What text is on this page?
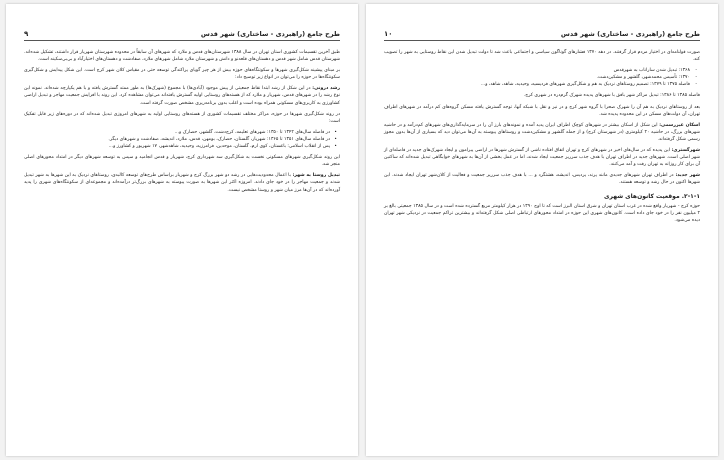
طرح جامع (راهبردی - ساختاری) شهر قدس
۱۰

صورت قولنامه‌ای در اختیار مردم قرار گرفتند. در دهه ۱۳۷۰ فشارهای گوناگون سیاسی و اجتماعی باعث شد تا دولت تبدیل شدن این نقاط روستایی به شهر را تصویب کند.

- ۱۳۶۸: تبدیل شدن ساراناب به شهرقدس
- ۱۳۷۰: تأسیس محمدشهر، گلشهر و مشکین‌دشت.
- فاصله ۱۳۷۵ تا ۱۳۷۹: تصمیم روستاهای نزدیک به هم و شکل‌گیری شهرهای فردیسیه، وحیدیه، شاهد، شاهد، و...

فاصله ۱۳۸۵ تا ۱۳۸۶: تبدیل مراکز شهر بافق با شهرهای پدیده شهرک گرم‌دره در شهری کرج.

بعد از روستاهای نزدیک به هم آن را شهرک صحرا با گروه شهر کرج و در نیز و نقل با شبکه آنها، توجه گسترش یافته مسکن گروه‌های کم درآمد در شهرهای اطراف تهران، آن دولت‌های مسکن در این محدوده پدیده شد.

اسکان غیررسمی: این شکل از اسکان بیشتر در شهرهای کوچک اطراف ایران پدید آمده و نمونه‌های بارز آن را در سرمایه‌گذاری‌های شهرهای کم‌درآمد و در حاشیه شهرهای بزرگ، در حاشیه ۲۰ کیلومتری (در شهرستان کرج) و از جمله گلشهر و مشکین‌دشت و روستاهای پیوسته به آن‌ها می‌توان دید که بسیاری از آن‌ها بدون مجوز رسمی شکل گرفته‌اند.

شهرگستری: این پدیده که در سال‌های اخیر در شهرهای کرج و تهران اتفاق افتاده ناشی از گسترش شهرها در اراضی پیرامون و ایجاد شهرک‌های جدید در فاصله‌ای از شهر اصلی است. شهرهای جدید در اطراف تهران با هدف جذب سرریز جمعیت ایجاد شدند، اما در عمل بخشی از آن‌ها به شهرهای خوابگاهی تبدیل شده‌اند که ساکنین آن برای کار روزانه به تهران رفت و آمد می‌کنند.

شهر جدید: در اطراف تهران شهرهای جدیدی مانند پرند، پردیس، اندیشه، هشتگرد و ... با هدف جذب سرریز جمعیت و فعالیت از کلان‌شهر تهران ایجاد شدند. این شهرها اکنون در حال رشد و توسعه هستند.

۲-۱-۱. موقعیت کانون‌های شهری

حوزه کرج - شهریار واقع شده در غرب استان تهران و شرق استان البرز است که تا اوج ۱۳۹۰ در هزار کیلومتر مربع گسترده شده است و در سال ۱۳۸۵ جمعیتی بالغ بر ۲ میلیون نفر را در خود جای داده است. کانون‌های شهری این حوزه در امتداد محورهای ارتباطی اصلی شکل گرفته‌اند و بیشترین تراکم جمعیت در نزدیکی شهر تهران دیده می‌شود.

طرح جامع (راهبردی - ساختاری) شهر قدس
۹

طبق آخرین تقسیمات کشوری استان تهران در سال ۱۳۸۸ شهرستان‌های قدس و ملارد که شهرهای آن سابقاً در محدوده شهرستان شهریار قرار داشتند، تشکیل شده‌اند. شهرستان قدس شامل شهر قدس و دهستان‌های قلعه‌نو و دانش و شهرستان ملارد شامل شهرهای ملارد، صفادشت و دهستان‌های اختیارآباد و بی‌بی‌سکینه است.

بر مبنای پیشینه شکل‌گیری شهرها و سکونتگاه‌های حوزه بیش از هر چیز گویای پراکندگی توسعه حتی در مقیاس کلان شهر کرج است. این شکل پیدایش و شکل‌گیری سکونتگاه‌ها در حوزه را می‌توان در انواع زیر توضیح داد:

رشد درونی: در این شکل از رشد ابتدا نقاط جمعیتی از پیش موجود (آبادی‌ها) با مجموع (شهرک‌ها) به طور ممتد گسترش یافته و با هم یکپارچه شده‌اند. نمونه این نوع رشد را در شهرهای قدس، شهریار و ملارد که از هسته‌های روستایی اولیه گسترش یافته‌اند می‌توان مشاهده کرد. این روند با افزایش جمعیت مهاجر و تبدیل اراضی کشاورزی به کاربری‌های مسکونی همراه بوده است و اغلب بدون برنامه‌ریزی مشخص صورت گرفته است.

در روند شکل‌گیری شهرها در حوزه، مراکز مختلف تقسیمات کشوری از هسته‌های روستایی اولیه به شهرهای امروزی تبدیل شده‌اند که در دوره‌های زیر قابل تفکیک است:

• در فاصله سال‌های ۱۳۴۲ تا ۱۳۵۰: شهرهای تعلیمه، کرج‌دشت، گلشهر، حصارک و...
• در فاصله سال‌های ۱۳۵۱ تا ۱۳۶۵: شهریار، گلستان، حصارک، بومهن، قدس، ملارد، اندیشه، صفادشت و شهرهای دیگر.
• پس از انقلاب اسلامی: باغستان، کوی ارم، گلستان، موحدین، فرامرزیه، وحیدیه، شاهدشهر، ۱۷ شهریور و کشاورز و...

این روند شکل‌گیری شهرهای مسکونی نخست به شکل‌گیری سه شهرداری کرج، شهریار و قدس انجامید و سپس به توسعه شهرهای دیگر در امتداد محورهای اصلی منجر شد.

تبدیل روستا به شهر: با اعمال محدودیت‌هایی در رشد دو شهر بزرگ کرج و شهریار براساس طرح‌های توسعه کالبدی، روستاهای نزدیک به این شهرها به شهر تبدیل شدند و جمعیت مهاجر را در خود جای دادند. امروزه اکثر این شهرها به صورت پیوسته به شهرهای بزرگ‌تر درآمده‌اند و مجموعه‌ای از سکونتگاه‌های شهری را پدید آورده‌اند که در آن‌ها مرز میان شهر و روستا مشخص نیست.
